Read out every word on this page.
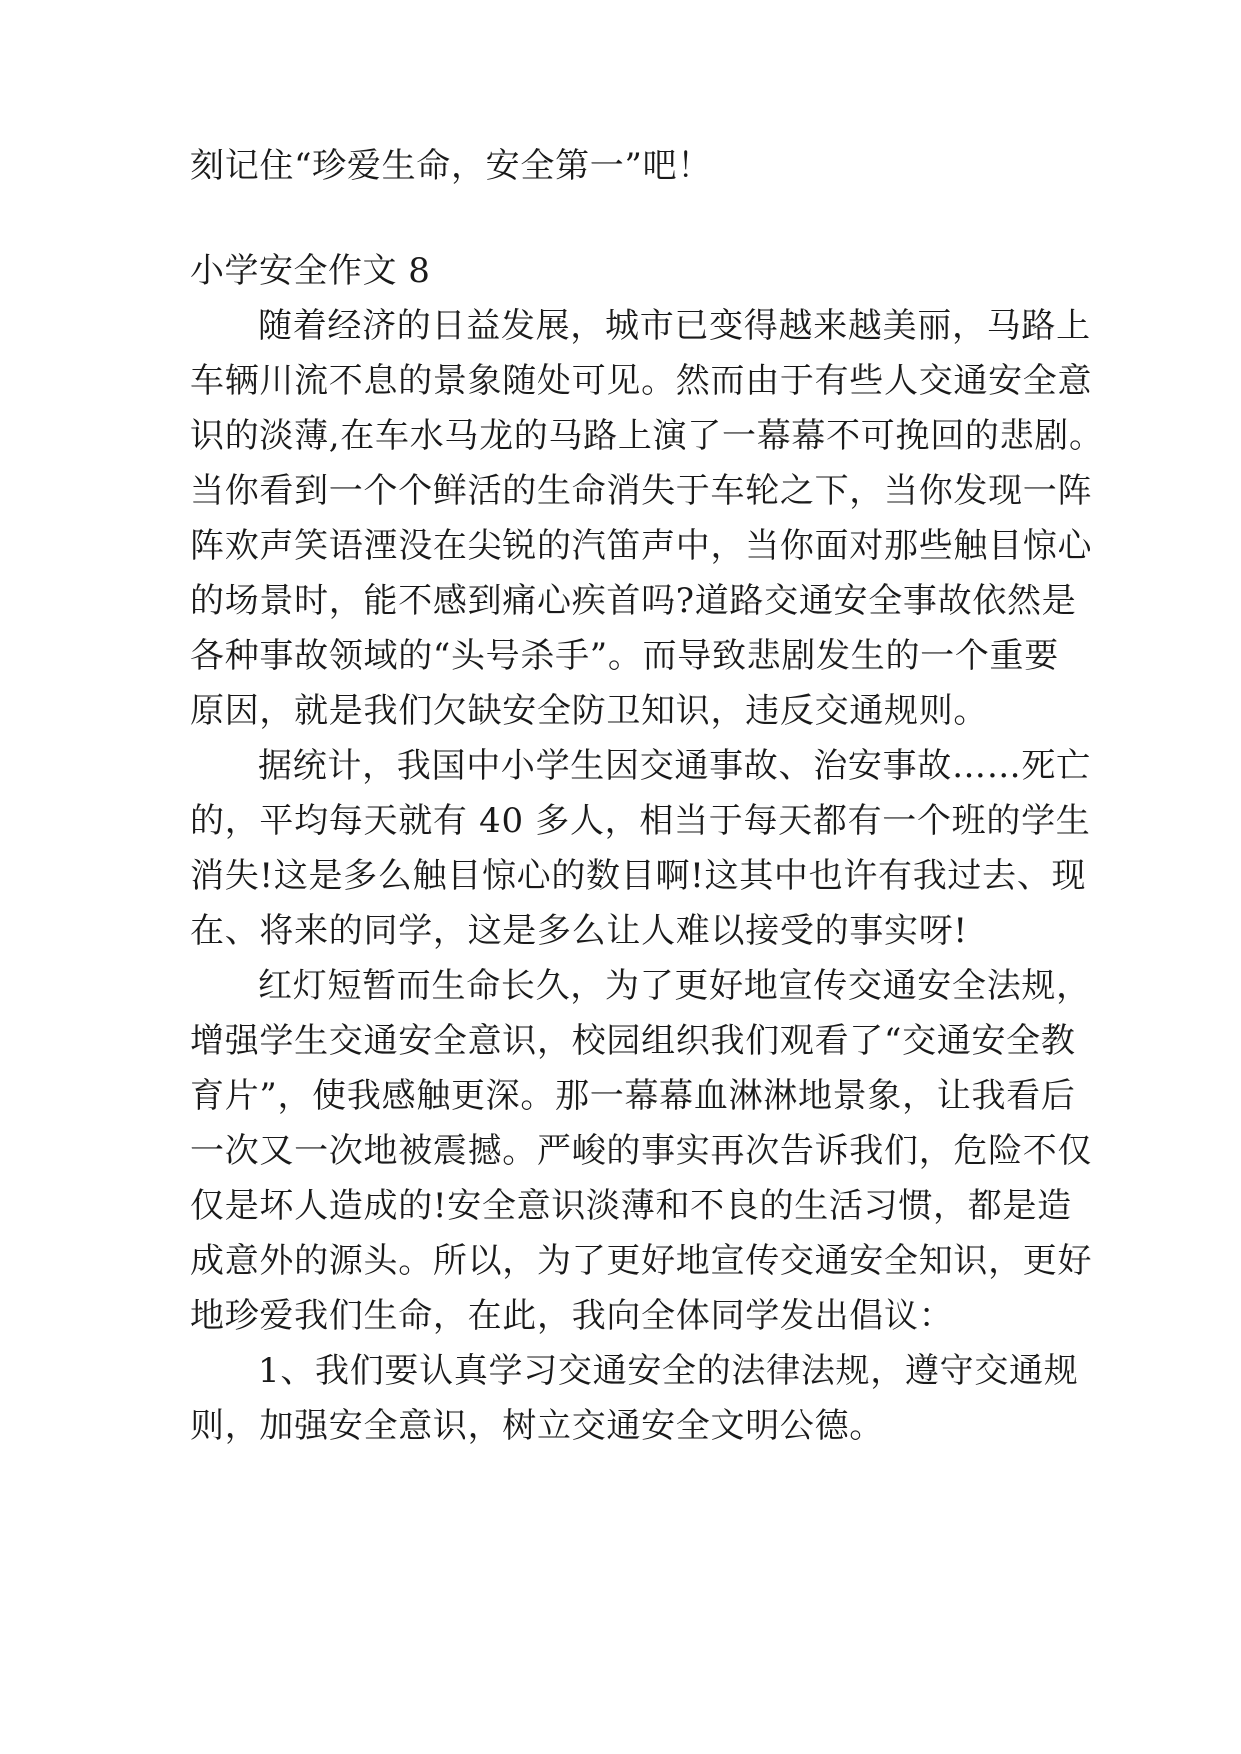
刻记住“珍爱生命，安全第一”吧！
小学安全作文 8
随着经济的日益发展，城市已变得越来越美丽，马路上
车辆川流不息的景象随处可见。然而由于有些人交通安全意
识的淡薄,在车水马龙的马路上演了一幕幕不可挽回的悲剧。
当你看到一个个鲜活的生命消失于车轮之下，当你发现一阵
阵欢声笑语湮没在尖锐的汽笛声中，当你面对那些触目惊心
的场景时，能不感到痛心疾首吗?道路交通安全事故依然是
各种事故领域的“头号杀手”。而导致悲剧发生的一个重要
原因，就是我们欠缺安全防卫知识，违反交通规则。
据统计，我国中小学生因交通事故、治安事故……死亡
的，平均每天就有 40 多人，相当于每天都有一个班的学生
消失!这是多么触目惊心的数目啊!这其中也许有我过去、现
在、将来的同学，这是多么让人难以接受的事实呀!
红灯短暂而生命长久，为了更好地宣传交通安全法规，
增强学生交通安全意识，校园组织我们观看了“交通安全教
育片”，使我感触更深。那一幕幕血淋淋地景象，让我看后
一次又一次地被震撼。严峻的事实再次告诉我们，危险不仅
仅是坏人造成的!安全意识淡薄和不良的生活习惯，都是造
成意外的源头。所以，为了更好地宣传交通安全知识，更好
地珍爱我们生命，在此，我向全体同学发出倡议：
1、我们要认真学习交通安全的法律法规，遵守交通规
则，加强安全意识，树立交通安全文明公德。
